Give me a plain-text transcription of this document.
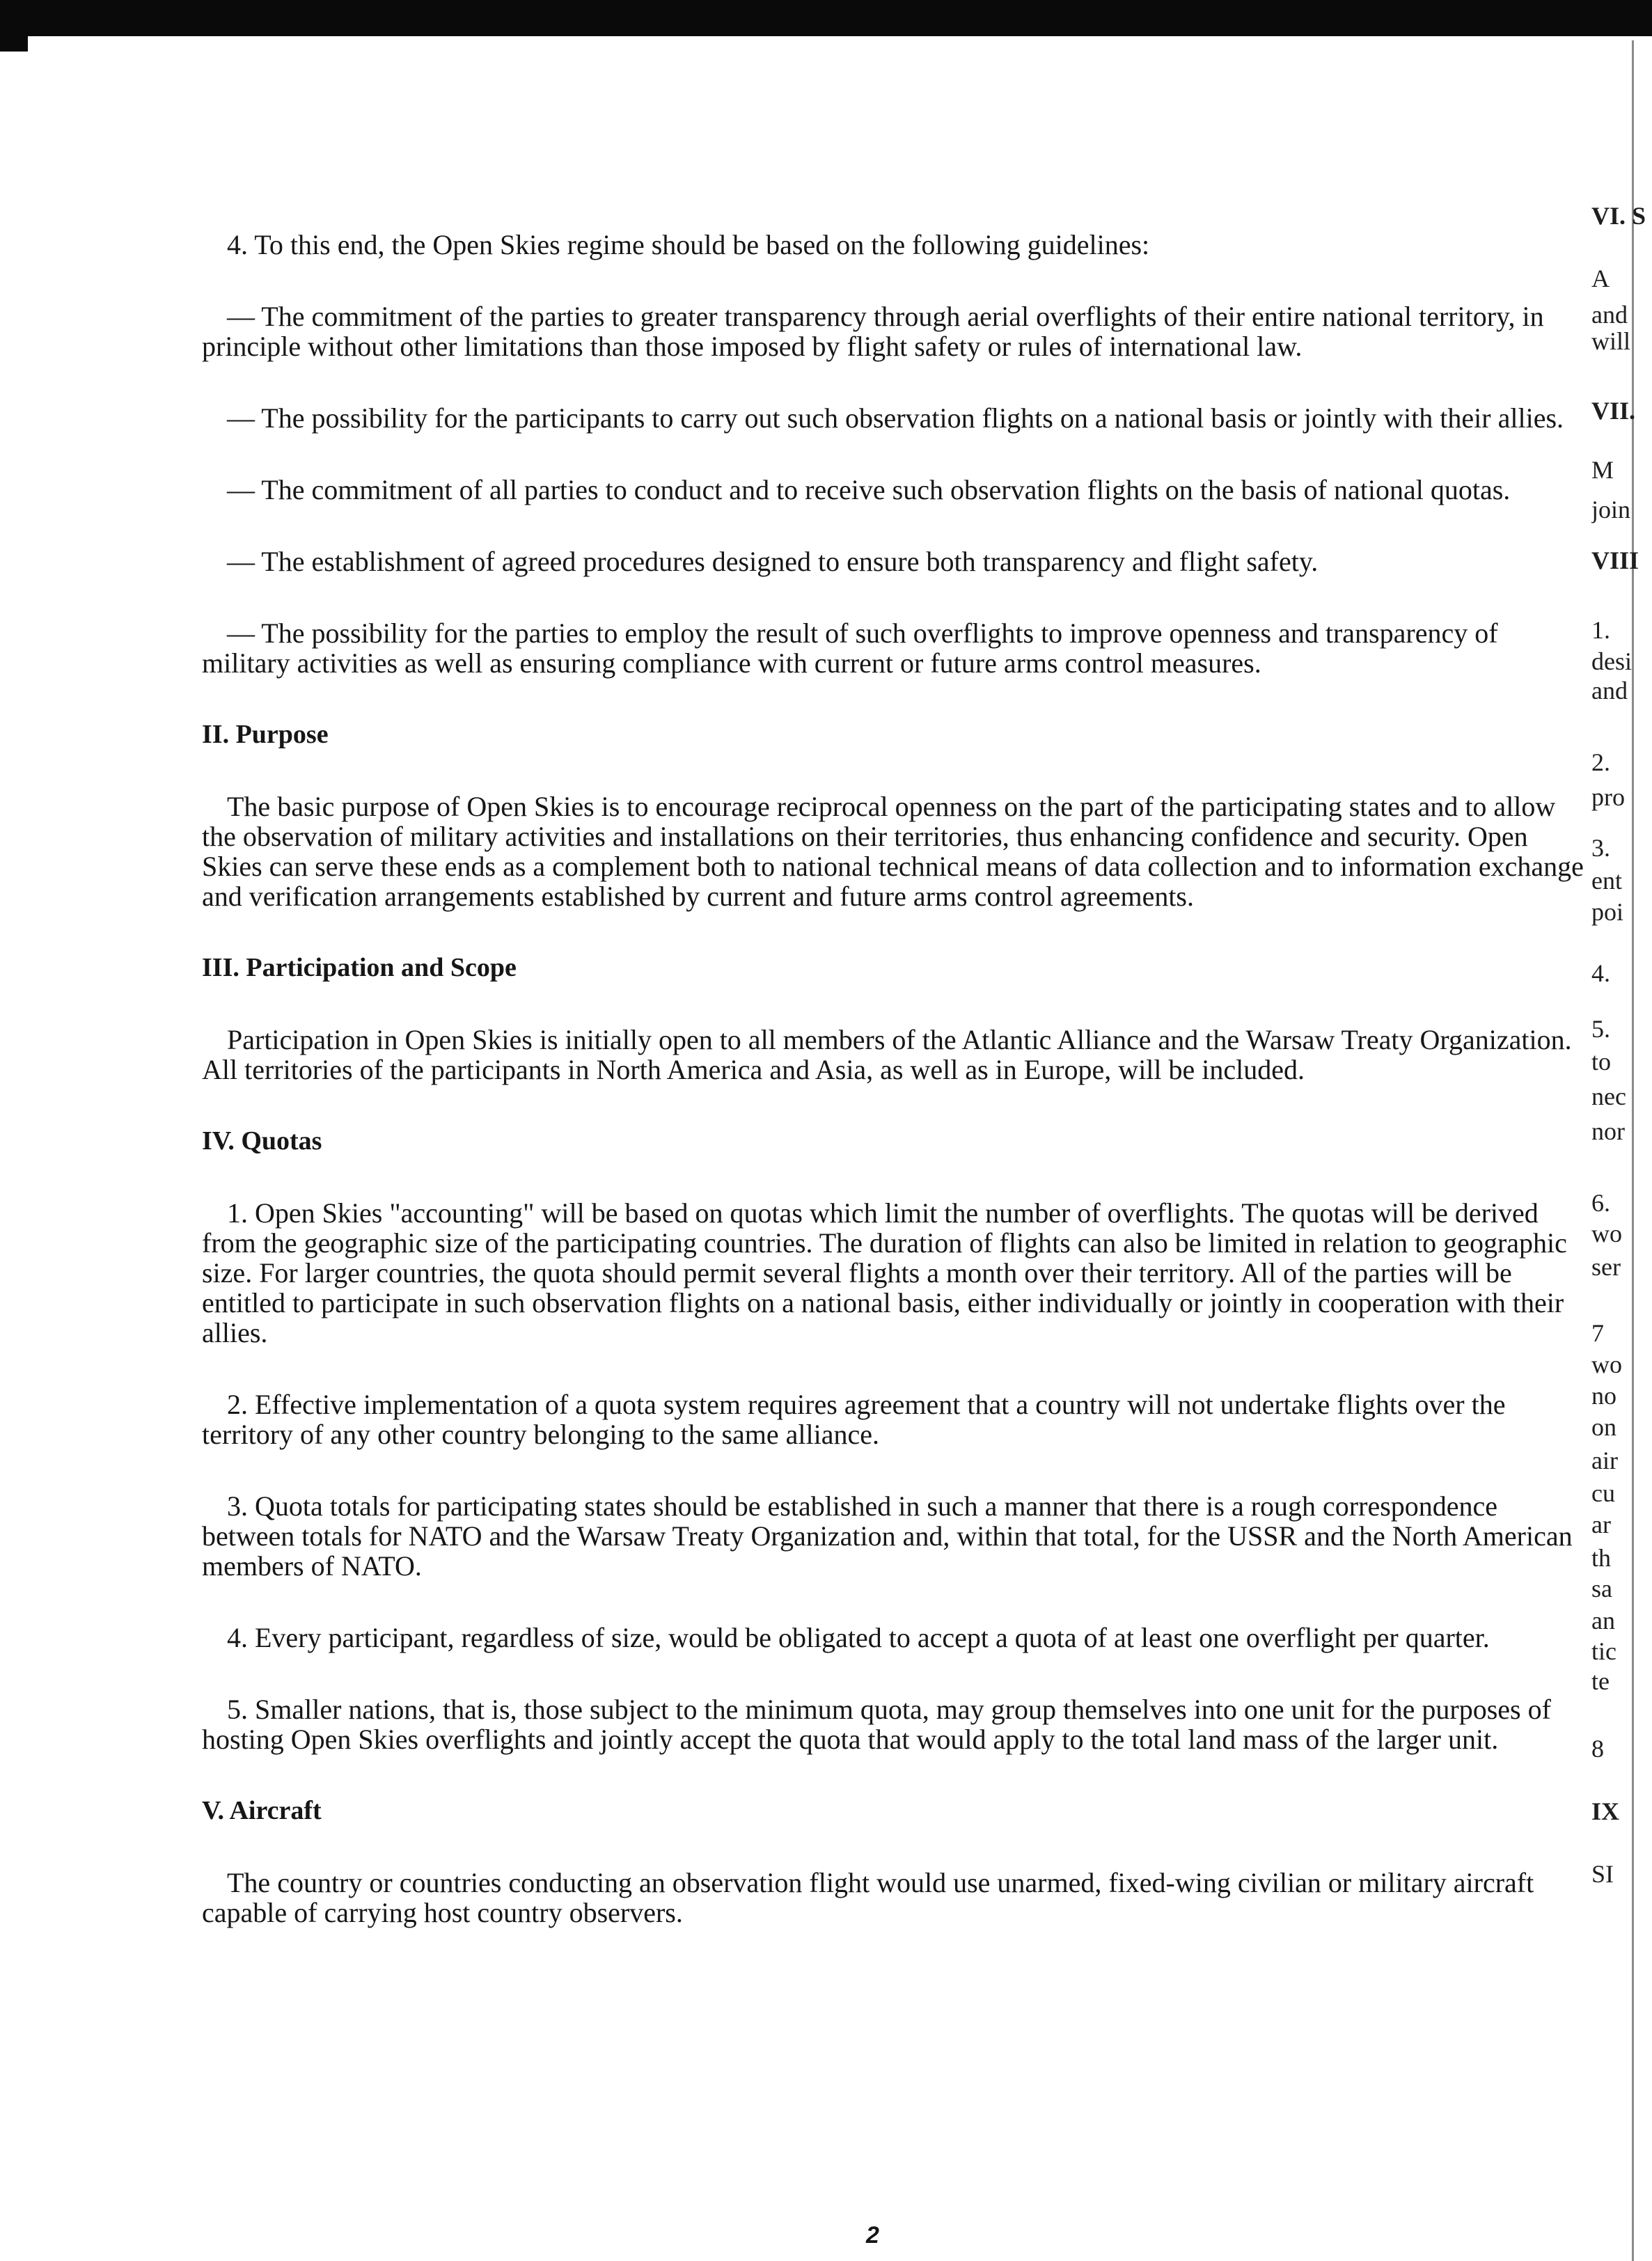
4. To this end, the Open Skies regime should be based on the following guidelines:

— The commitment of the parties to greater transparency through aerial overflights of their entire national territory, in principle without other limitations than those imposed by flight safety or rules of international law.

— The possibility for the participants to carry out such observation flights on a national basis or jointly with their allies.

— The commitment of all parties to conduct and to receive such observation flights on the basis of national quotas.

— The establishment of agreed procedures designed to ensure both transparency and flight safety.

— The possibility for the parties to employ the result of such overflights to improve openness and transparency of military activities as well as ensuring compliance with current or future arms control measures.

II. Purpose

The basic purpose of Open Skies is to encourage reciprocal openness on the part of the participating states and to allow the observation of military activities and installations on their territories, thus enhancing confidence and security. Open Skies can serve these ends as a complement both to national technical means of data collection and to information exchange and verification arrangements established by current and future arms control agreements.

III. Participation and Scope

Participation in Open Skies is initially open to all members of the Atlantic Alliance and the Warsaw Treaty Organization. All territories of the participants in North America and Asia, as well as in Europe, will be included.

IV. Quotas

1. Open Skies "accounting" will be based on quotas which limit the number of overflights. The quotas will be derived from the geographic size of the participating countries. The duration of flights can also be limited in relation to geographic size. For larger countries, the quota should permit several flights a month over their territory. All of the parties will be entitled to participate in such observation flights on a national basis, either individually or jointly in cooperation with their allies.

2. Effective implementation of a quota system requires agreement that a country will not undertake flights over the territory of any other country belonging to the same alliance.

3. Quota totals for participating states should be established in such a manner that there is a rough correspondence between totals for NATO and the Warsaw Treaty Organization and, within that total, for the USSR and the North American members of NATO.

4. Every participant, regardless of size, would be obligated to accept a quota of at least one overflight per quarter.

5. Smaller nations, that is, those subject to the minimum quota, may group themselves into one unit for the purposes of hosting Open Skies overflights and jointly accept the quota that would apply to the total land mass of the larger unit.

V. Aircraft

The country or countries conducting an observation flight would use unarmed, fixed-wing civilian or military aircraft capable of carrying host country observers.

2
VI. S
A
and
will
VII.
M
join
VIII
1.
desi
and
2.
pro
3.
ent
poi
4.
5.
to
nec
nor
6.
wo
ser
7
wo
no
on
air
cu
ar
th
sa
an
tic
te
8
IX
SI
